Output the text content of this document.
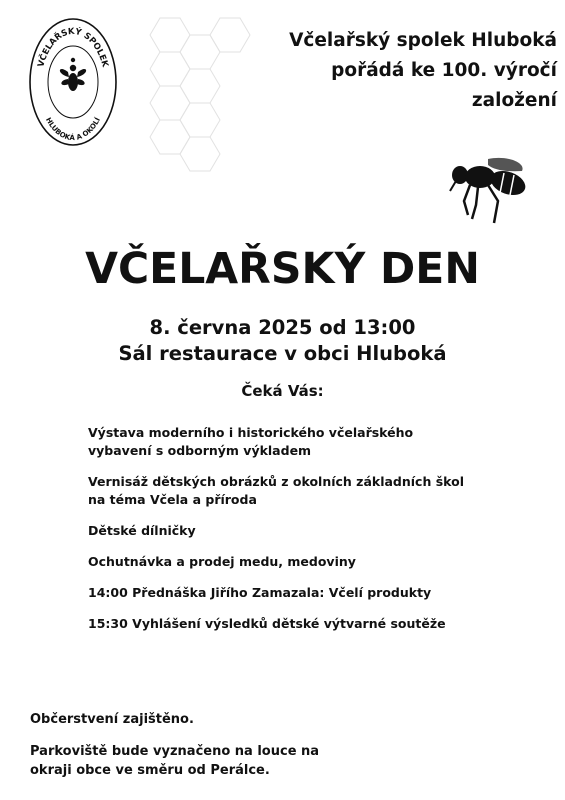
VČELAŘSKÝ SPOLEK
HLUBOKÁ A OKOLÍ
Včelařský spolek Hluboká
pořádá ke 100. výročí
založení
VČELAŘSKÝ DEN
8. června 2025 od 13:00
Sál restaurace v obci Hluboká
Čeká Vás:
Výstava moderního i historického včelařského vybavení s odborným výkladem
Vernisáž dětských obrázků z okolních základních škol na téma Včela a příroda
Dětské dílničky
Ochutnávka a prodej medu, medoviny
14:00 Přednáška Jiřího Zamazala: Včelí produkty
15:30 Vyhlášení výsledků dětské výtvarné soutěže
Občerstvení zajištěno.
Parkoviště bude vyznačeno na louce na okraji obce ve směru od Perálce.
